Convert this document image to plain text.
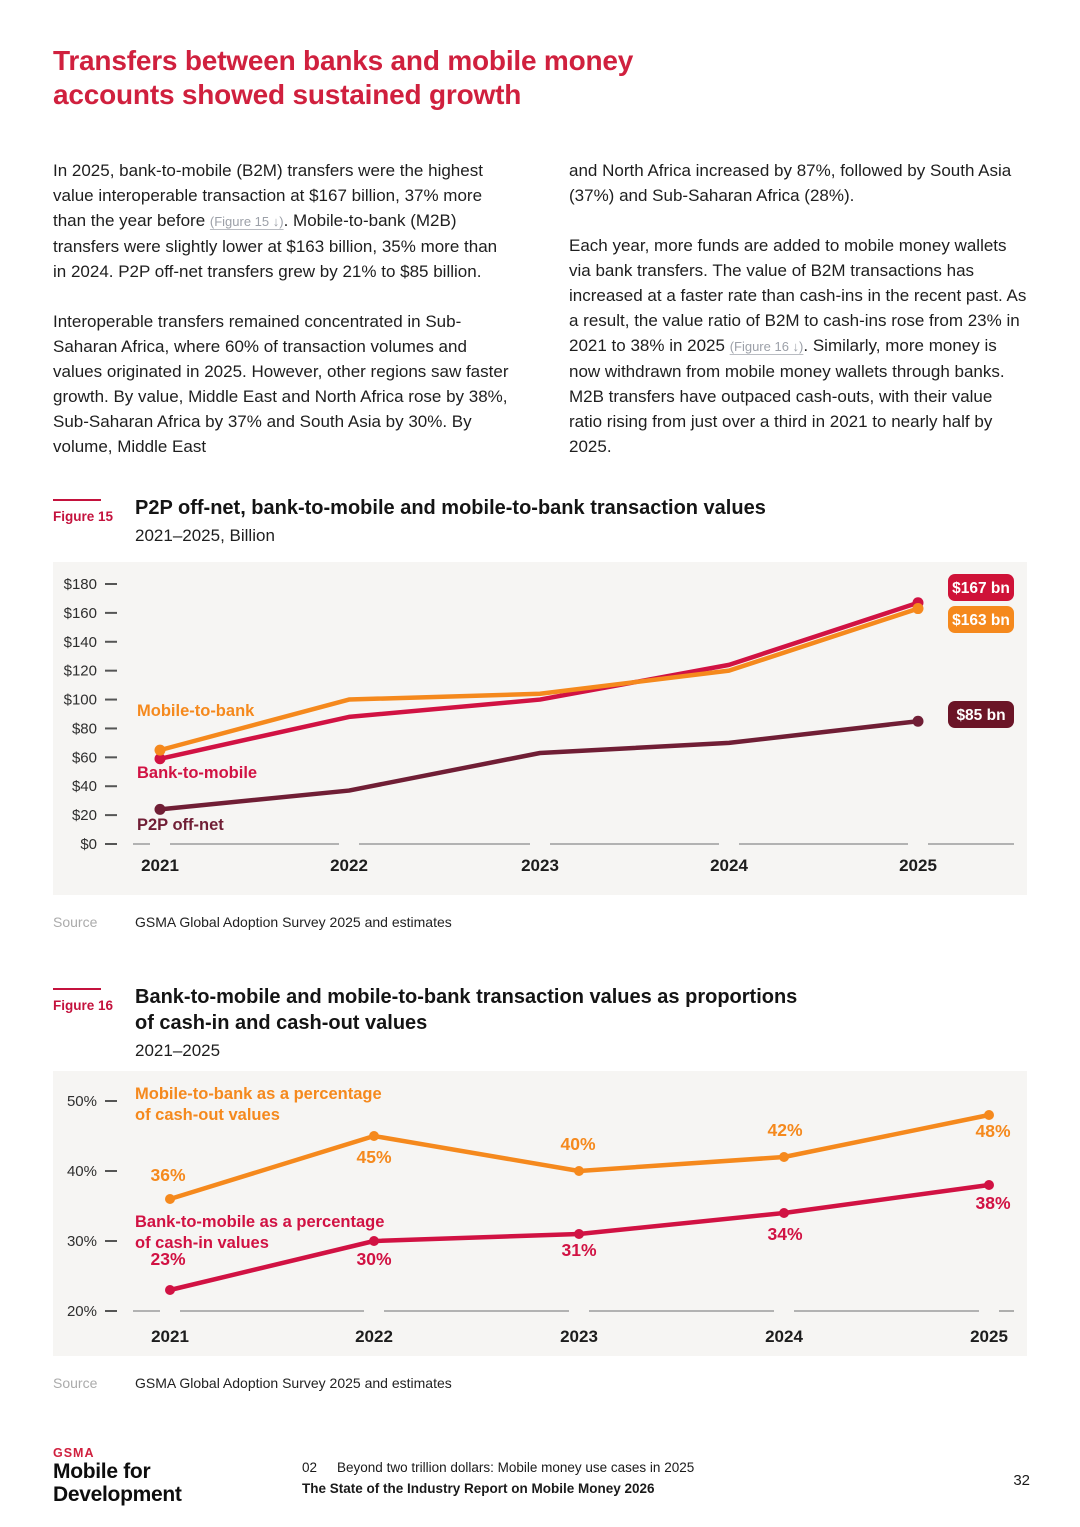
Transfers between banks and mobile money
accounts showed sustained growth

In 2025, bank-to-mobile (B2M) transfers were the highest value interoperable transaction at $167 billion, 37% more than the year before (Figure 15 ↓). Mobile-to-bank (M2B) transfers were slightly lower at $163 billion, 35% more than in 2024. P2P off-net transfers grew by 21% to $85 billion.

Interoperable transfers remained concentrated in Sub-Saharan Africa, where 60% of transaction volumes and values originated in 2025. However, other regions saw faster growth. By value, Middle East and North Africa rose by 38%, Sub-Saharan Africa by 37% and South Asia by 30%. By volume, Middle East

and North Africa increased by 87%, followed by South Asia (37%) and Sub-Saharan Africa (28%).

Each year, more funds are added to mobile money wallets via bank transfers. The value of B2M transactions has increased at a faster rate than cash-ins in the recent past. As a result, the value ratio of B2M to cash-ins rose from 23% in 2021 to 38% in 2025 (Figure 16 ↓). Similarly, more money is now withdrawn from mobile money wallets through banks. M2B transfers have outpaced cash-outs, with their value ratio rising from just over a third in 2021 to nearly half by 2025.

Figure 15	P2P off-net, bank-to-mobile and mobile-to-bank transaction values
2021–2025, Billion
$0
$20
$40
$60
$80
$100
$120
$140
$160
$180
2021	2022	2023	2024	2025
Bank-to-mobile
$167 bn
Mobile-to-bank
$163 bn
P2P off-net
$85 bn
Source	GSMA Global Adoption Survey 2025 and estimates
Figure 16	Bank-to-mobile and mobile-to-bank transaction values as proportions
of cash-in and cash-out values
2021–2025
20%
30%
40%
50%
2021	2022	2023	2024	2025
36%
45%
40%
42%	48%
Mobile-to-bank as a percentage
of cash-out values
23%	30%	31%
34%
38%
Bank-to-mobile as a percentage
of cash-in values
Source	GSMA Global Adoption Survey 2025 and estimates
GSMA
Mobile for
Development
02 Beyond two trillion dollars: Mobile money use cases in 2025
The State of the Industry Report on Mobile Money 2026	32
